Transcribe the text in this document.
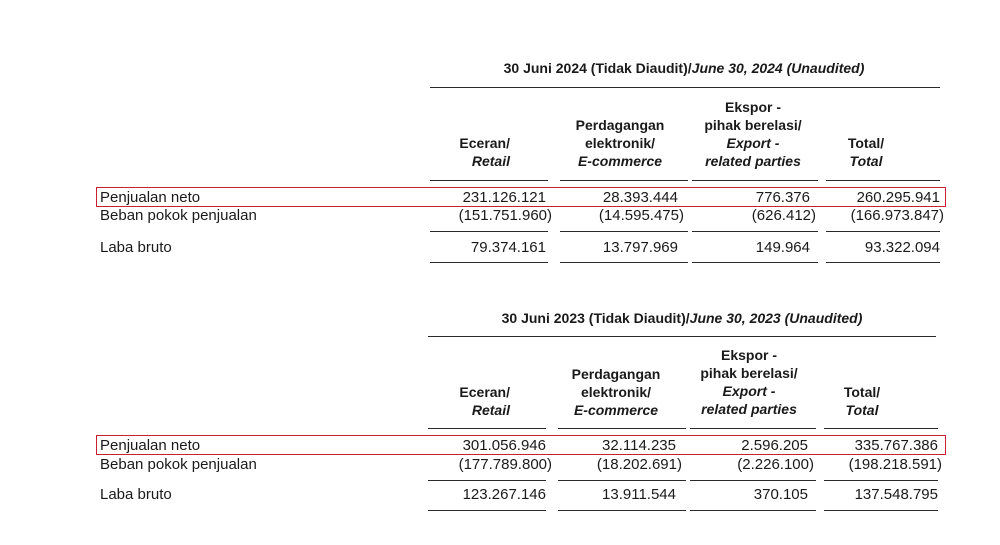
30 Juni 2024 (Tidak Diaudit)/June 30, 2024 (Unaudited)
Eceran/
Retail
Perdagangan
elektronik/
E-commerce
Ekspor -
pihak berelasi/
Export -
related parties
Total/
Total
Penjualan neto	231.126.121	28.393.444	776.376	260.295.941
Beban pokok penjualan	(151.751.960)	(14.595.475)	(626.412)	(166.973.847)
Laba bruto	79.374.161	13.797.969	149.964	93.322.094
30 Juni 2023 (Tidak Diaudit)/June 30, 2023 (Unaudited)
Eceran/
Retail
Perdagangan
elektronik/
E-commerce
Ekspor -
pihak berelasi/
Export -
related parties
Total/
Total
Penjualan neto	301.056.946	32.114.235	2.596.205	335.767.386
Beban pokok penjualan	(177.789.800)	(18.202.691)	(2.226.100)	(198.218.591)
Laba bruto	123.267.146	13.911.544	370.105	137.548.795
